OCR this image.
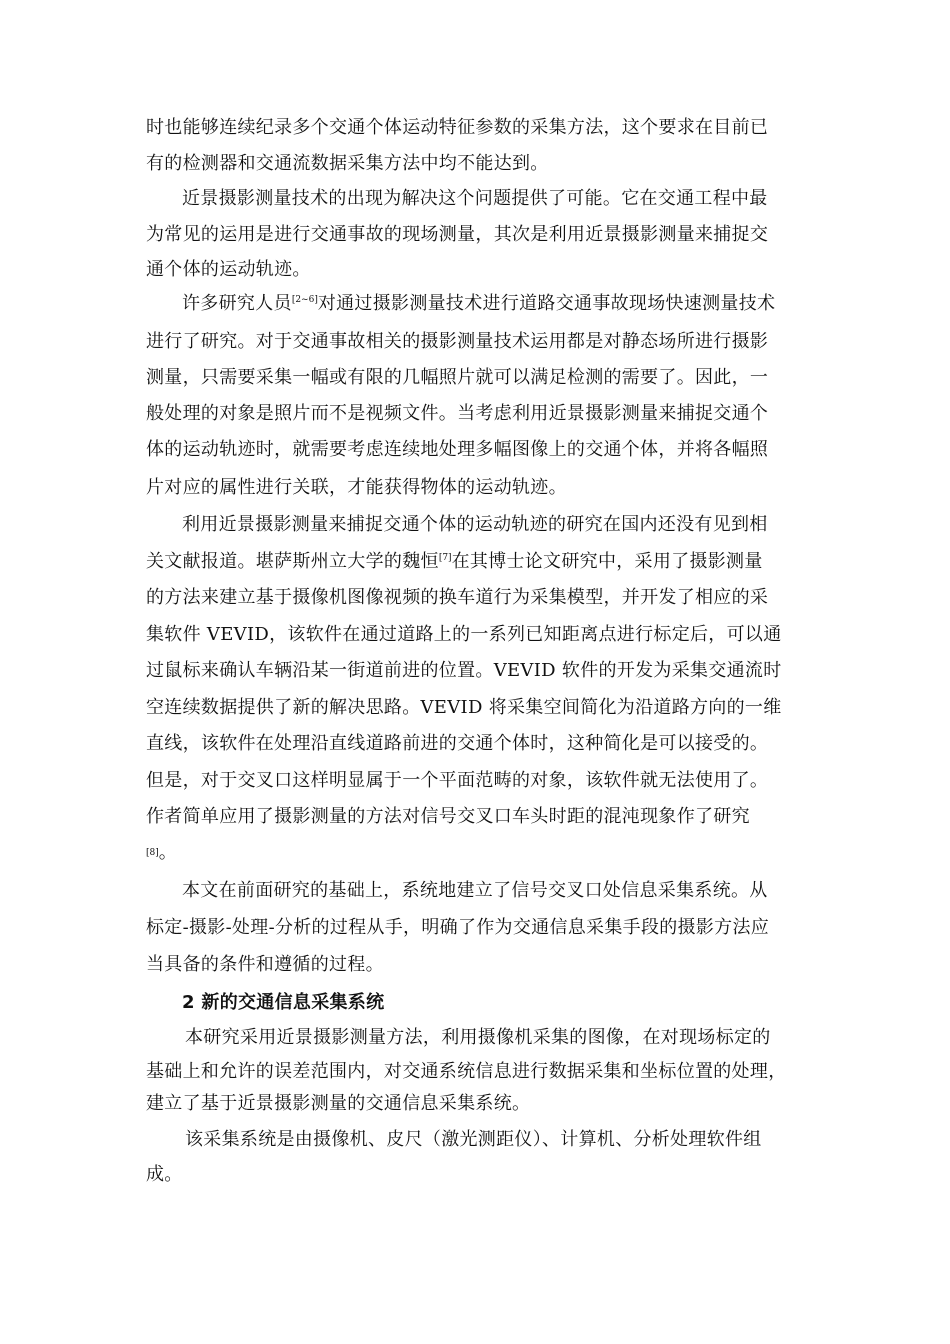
时也能够连续纪录多个交通个体运动特征参数的采集方法，这个要求在目前已
有的检测器和交通流数据采集方法中均不能达到。
近景摄影测量技术的出现为解决这个问题提供了可能。它在交通工程中最
为常见的运用是进行交通事故的现场测量，其次是利用近景摄影测量来捕捉交
通个体的运动轨迹。
许多研究人员[2~6]对通过摄影测量技术进行道路交通事故现场快速测量技术
进行了研究。对于交通事故相关的摄影测量技术运用都是对静态场所进行摄影
测量，只需要采集一幅或有限的几幅照片就可以满足检测的需要了。因此，一
般处理的对象是照片而不是视频文件。当考虑利用近景摄影测量来捕捉交通个
体的运动轨迹时，就需要考虑连续地处理多幅图像上的交通个体，并将各幅照
片对应的属性进行关联，才能获得物体的运动轨迹。
利用近景摄影测量来捕捉交通个体的运动轨迹的研究在国内还没有见到相
关文献报道。堪萨斯州立大学的魏恒[7]在其博士论文研究中，采用了摄影测量
的方法来建立基于摄像机图像视频的换车道行为采集模型，并开发了相应的采
集软件 VEVID，该软件在通过道路上的一系列已知距离点进行标定后，可以通
过鼠标来确认车辆沿某一街道前进的位置。VEVID 软件的开发为采集交通流时
空连续数据提供了新的解决思路。VEVID 将采集空间简化为沿道路方向的一维
直线，该软件在处理沿直线道路前进的交通个体时，这种简化是可以接受的。
但是，对于交叉口这样明显属于一个平面范畴的对象，该软件就无法使用了。
作者简单应用了摄影测量的方法对信号交叉口车头时距的混沌现象作了研究
[8]。
本文在前面研究的基础上，系统地建立了信号交叉口处信息采集系统。从
标定-摄影-处理-分析的过程从手，明确了作为交通信息采集手段的摄影方法应
当具备的条件和遵循的过程。
2 新的交通信息采集系统
本研究采用近景摄影测量方法，利用摄像机采集的图像，在对现场标定的
基础上和允许的误差范围内，对交通系统信息进行数据采集和坐标位置的处理，
建立了基于近景摄影测量的交通信息采集系统。
该采集系统是由摄像机、皮尺（激光测距仪）、计算机、分析处理软件组
成。
